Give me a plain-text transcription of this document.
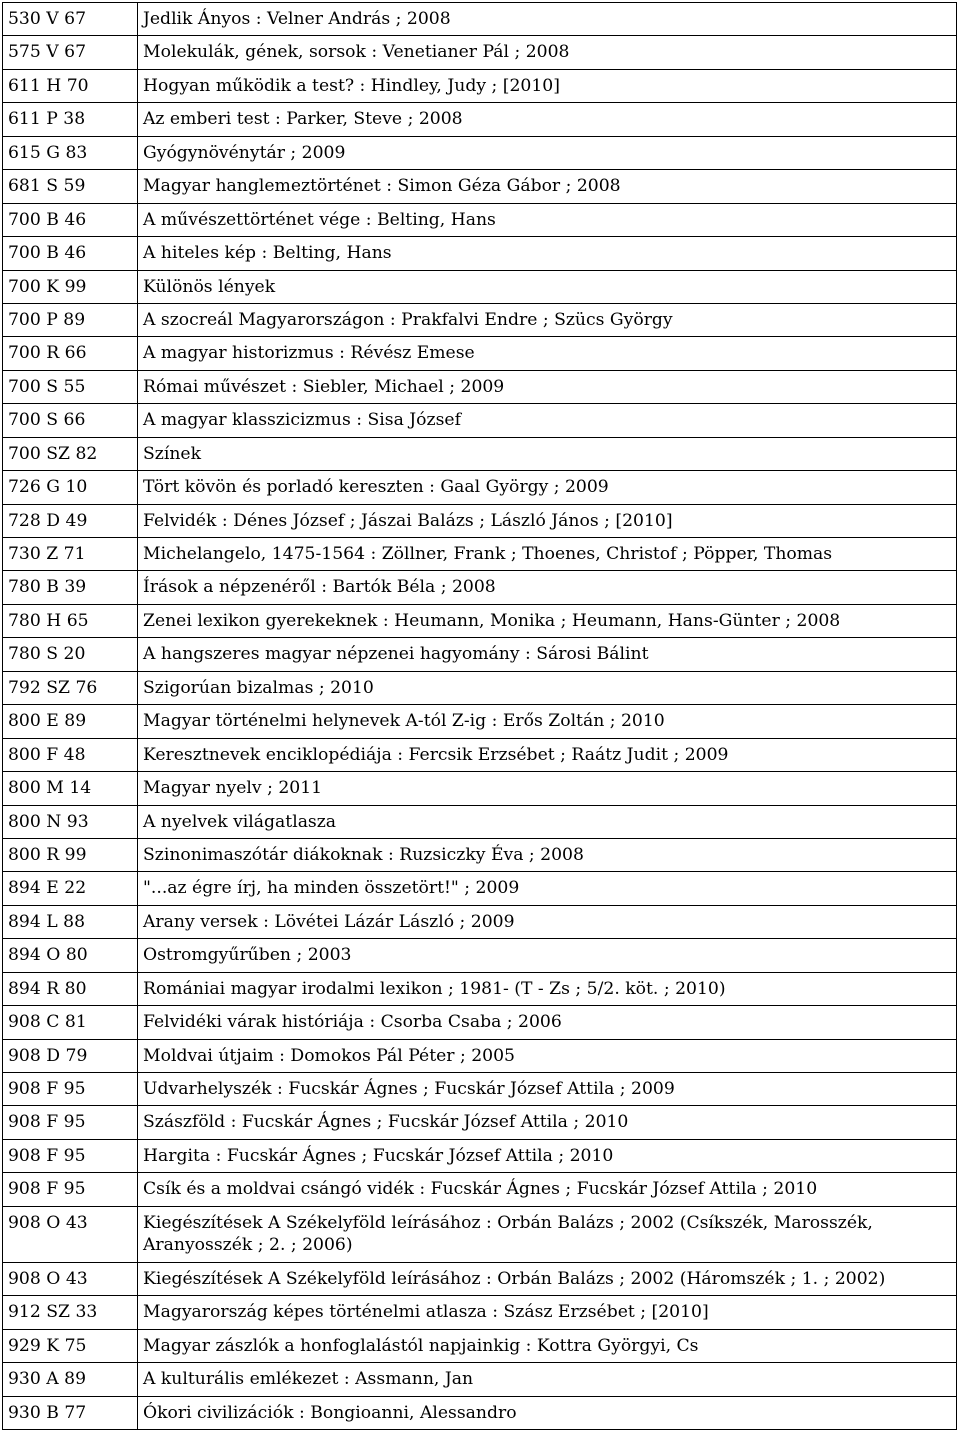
530 V 67	Jedlik Ányos : Velner András ; 2008
575 V 67	Molekulák, gének, sorsok : Venetianer Pál ; 2008
611 H 70	Hogyan működik a test? : Hindley, Judy ; [2010]
611 P 38	Az emberi test : Parker, Steve ; 2008
615 G 83	Gyógynövénytár ; 2009
681 S 59	Magyar hanglemeztörténet : Simon Géza Gábor ; 2008
700 B 46	A művészettörténet vége : Belting, Hans
700 B 46	A hiteles kép : Belting, Hans
700 K 99	Különös lények
700 P 89	A szocreál Magyarországon : Prakfalvi Endre ; Szücs György
700 R 66	A magyar historizmus : Révész Emese
700 S 55	Római művészet : Siebler, Michael ; 2009
700 S 66	A magyar klasszicizmus : Sisa József
700 SZ 82	Színek
726 G 10	Tört kövön és porladó kereszten : Gaal György ; 2009
728 D 49	Felvidék : Dénes József ; Jászai Balázs ; László János ; [2010]
730 Z 71	Michelangelo, 1475-1564 : Zöllner, Frank ; Thoenes, Christof ; Pöpper, Thomas
780 B 39	Írások a népzenéről : Bartók Béla ; 2008
780 H 65	Zenei lexikon gyerekeknek : Heumann, Monika ; Heumann, Hans-Günter ; 2008
780 S 20	A hangszeres magyar népzenei hagyomány : Sárosi Bálint
792 SZ 76	Szigorúan bizalmas ; 2010
800 E 89	Magyar történelmi helynevek A-tól Z-ig : Erős Zoltán ; 2010
800 F 48	Keresztnevek enciklopédiája : Fercsik Erzsébet ; Raátz Judit ; 2009
800 M 14	Magyar nyelv ; 2011
800 N 93	A nyelvek világatlasza
800 R 99	Szinonimaszótár diákoknak : Ruzsiczky Éva ; 2008
894 E 22	"...az égre írj, ha minden összetört!" ; 2009
894 L 88	Arany versek : Lövétei Lázár László ; 2009
894 O 80	Ostromgyűrűben ; 2003
894 R 80	Romániai magyar irodalmi lexikon ; 1981- (T - Zs ; 5/2. köt. ; 2010)
908 C 81	Felvidéki várak históriája : Csorba Csaba ; 2006
908 D 79	Moldvai útjaim : Domokos Pál Péter ; 2005
908 F 95	Udvarhelyszék : Fucskár Ágnes ; Fucskár József Attila ; 2009
908 F 95	Szászföld : Fucskár Ágnes ; Fucskár József Attila ; 2010
908 F 95	Hargita : Fucskár Ágnes ; Fucskár József Attila ; 2010
908 F 95	Csík és a moldvai csángó vidék : Fucskár Ágnes ; Fucskár József Attila ; 2010
908 O 43	Kiegészítések A Székelyföld leírásához : Orbán Balázs ; 2002 (Csíkszék, Marosszék, Aranyosszék ; 2. ; 2006)
908 O 43	Kiegészítések A Székelyföld leírásához : Orbán Balázs ; 2002 (Háromszék ; 1. ; 2002)
912 SZ 33	Magyarország képes történelmi atlasza : Szász Erzsébet ; [2010]
929 K 75	Magyar zászlók a honfoglalástól napjainkig : Kottra Györgyi, Cs
930 A 89	A kulturális emlékezet : Assmann, Jan
930 B 77	Ókori civilizációk : Bongioanni, Alessandro
